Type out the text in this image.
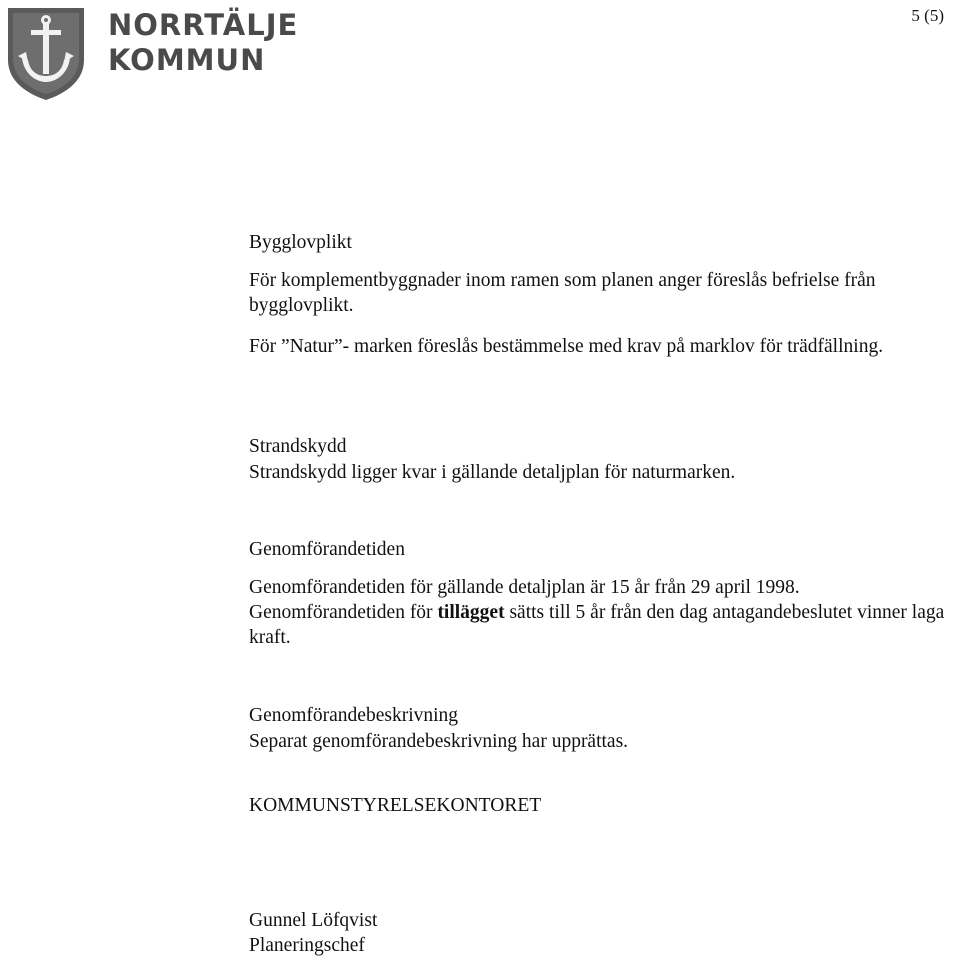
5 (5)
NORRTÄLJE
KOMMUN

Bygglovplikt

För komplementbyggnader inom ramen som planen anger föreslås befrielse från bygglovplikt.

För ”Natur”- marken föreslås bestämmelse med krav på marklov för trädfällning.

Strandskydd

Strandskydd ligger kvar i gällande detaljplan för naturmarken.

Genomförandetiden

Genomförandetiden för gällande detaljplan är 15 år från 29 april 1998.

Genomförandetiden för tillägget sätts till 5 år från den dag antagandebeslutet vinner laga kraft.

Genomförandebeskrivning

Separat genomförandebeskrivning har upprättas.

KOMMUNSTYRELSEKONTORET

Gunnel Löfqvist

Planeringschef
